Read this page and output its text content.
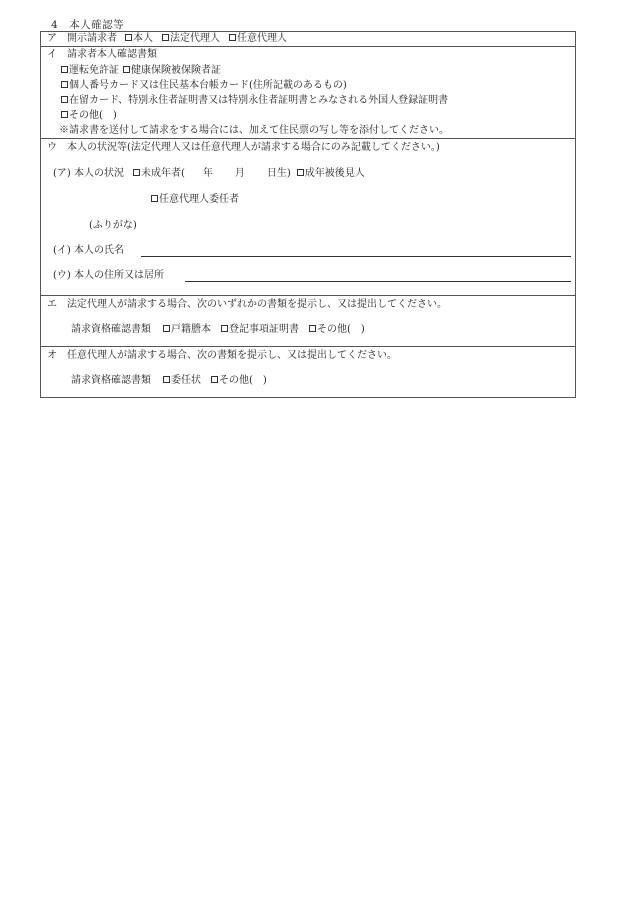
4　本人確認等
ア　開示請求者 本人 法定代理人 任意代理人
イ　請求者本人確認書類
運転免許証 健康保険被保険者証
個人番号カード又は住民基本台帳カード(住所記載のあるもの)
在留カード、特別永住者証明書又は特別永住者証明書とみなされる外国人登録証明書
その他(　)
※請求書を送付して請求をする場合には、加えて住民票の写し等を添付してください。
ウ　本人の状況等(法定代理人又は任意代理人が請求する場合にのみ記載してください。)
(ア) 本人の状況 未成年者( 年 月 日生) 成年被後見人
任意代理人委任者
(ふりがな)
(イ) 本人の氏名
(ウ) 本人の住所又は居所
エ　法定代理人が請求する場合、次のいずれかの書類を提示し、又は提出してください。
請求資格確認書類 戸籍謄本 登記事項証明書 その他(　)
オ　任意代理人が請求する場合、次の書類を提示し、又は提出してください。
請求資格確認書類 委任状 その他(　)
